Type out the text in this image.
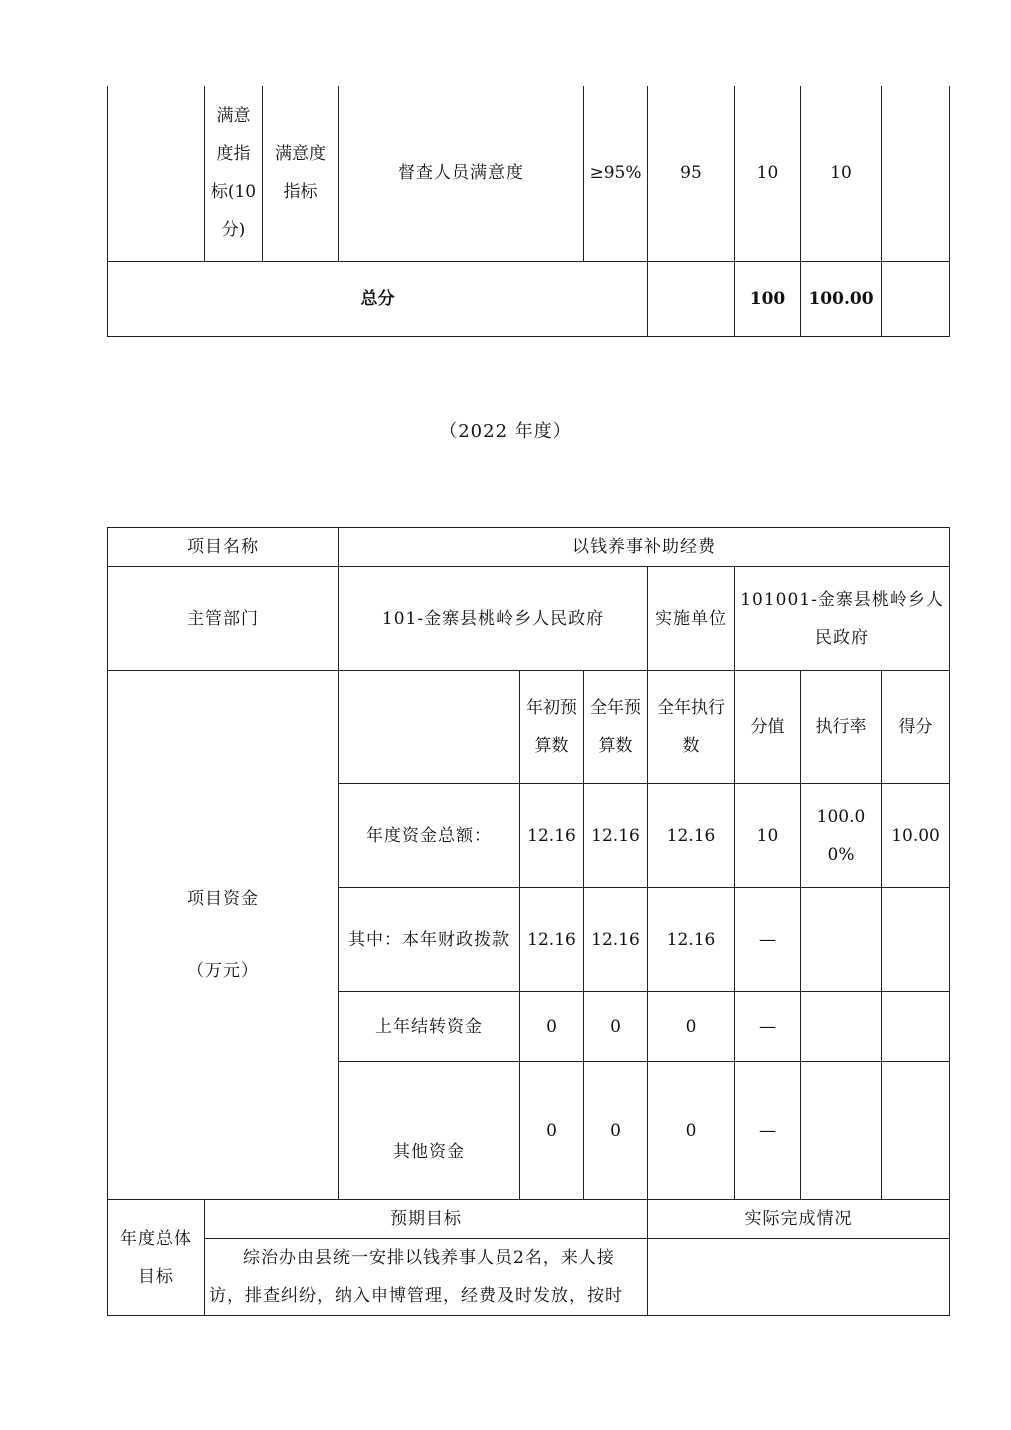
	满意度指标(10分)	满意度指标	督查人员满意度	≥95%	95	10	10	
总分						100	100.00	
（2022 年度）
项目名称		以钱养事补助经费						
主管部门		101-金寨县桃岭乡人民政府			实施单位	101001-金寨县桃岭乡人民政府		

项目资金
（万元）			年初预算数	全年预算数	全年执行数	分值	执行率	得分
		年度资金总额：	12.16	12.16	12.16	10	100.00%	10.00
		其中：本年财政拨款	12.16	12.16	12.16	—		
		上年结转资金	0	0	0	—		
		其他资金	0	0	0	—		
年度总体目标	预期目标				实际完成情况			
	综治办由县统一安排以钱养事人员2名，来人接访，排查纠纷，纳入申博管理，经费及时发放，按时							
